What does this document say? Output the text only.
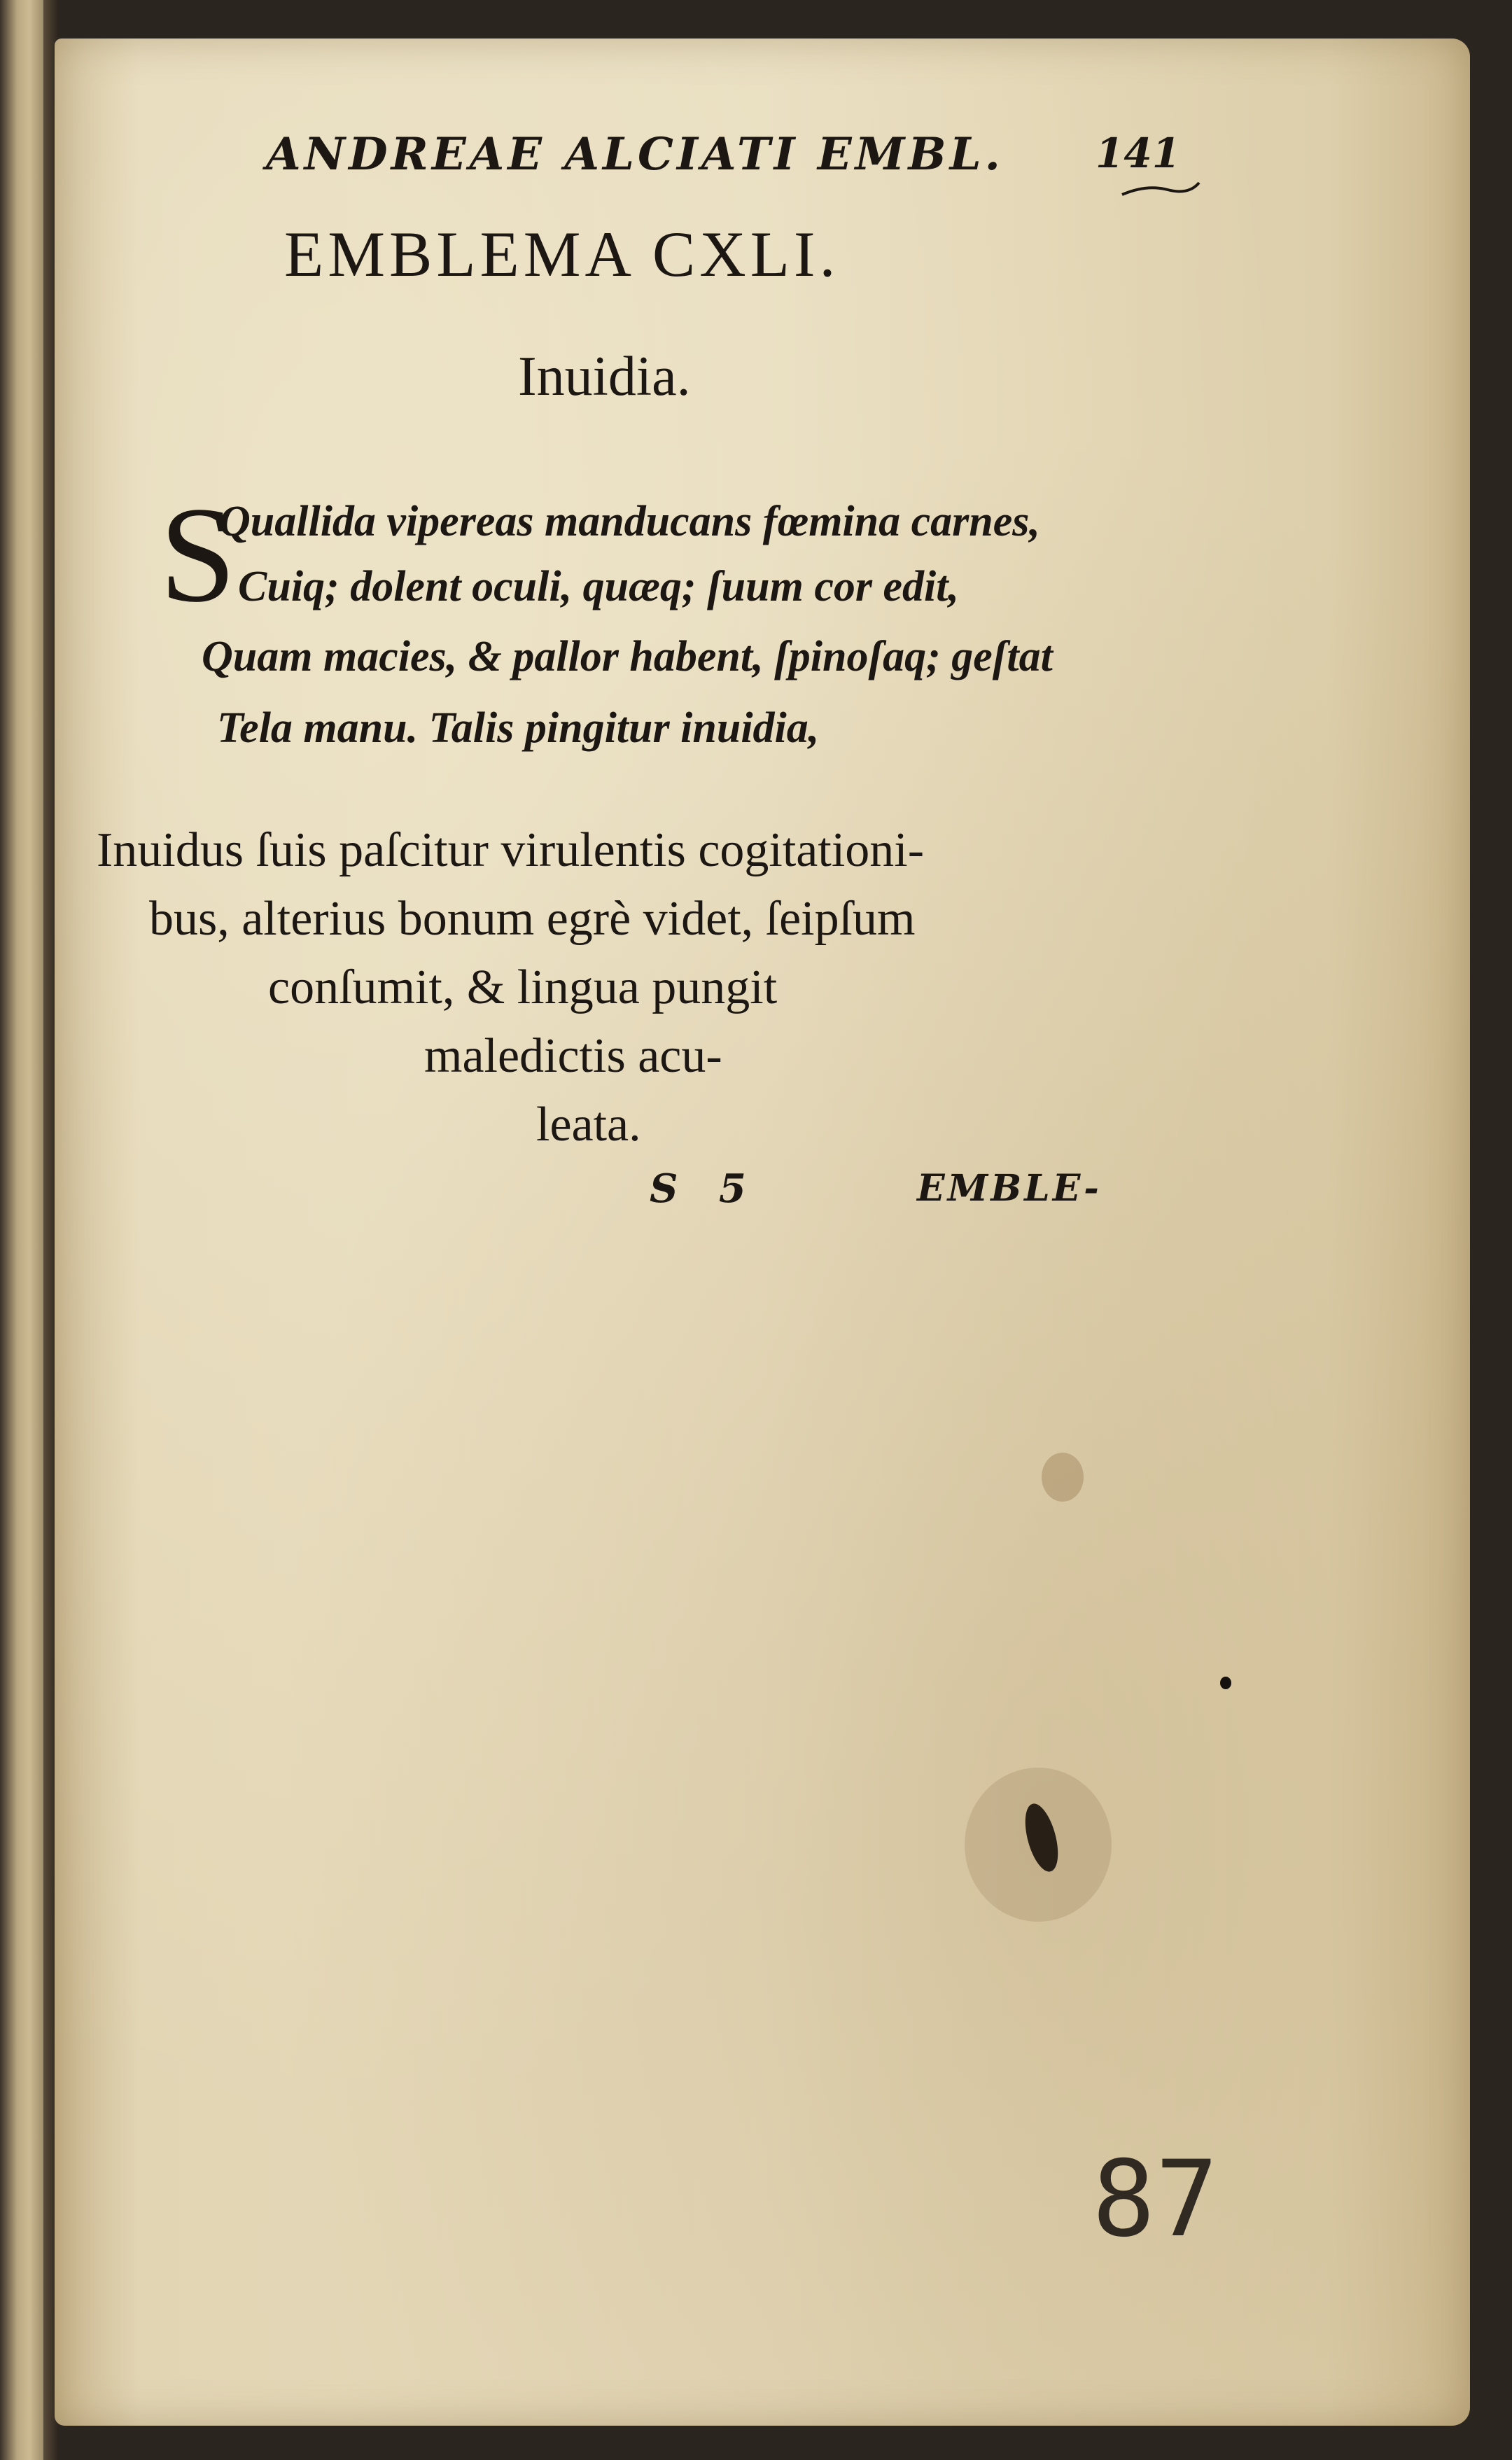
ANDREAE ALCIATI EMBL. 141
EMBLEMA CXLI.
Inuidia.
S
Quallida vipereas manducans fœmina carnes,
Cuiq; dolent oculi, quæq; ſuum cor edit,
Quam macies, & pallor habent, ſpinoſaq; geſtat
Tela manu. Talis pingitur inuidia,
Inuidus ſuis paſcitur virulentis cogitationi-
bus, alterius bonum egrè videt, ſeipſum
conſumit, & lingua pungit
maledictis acu-
leata.
S   5	EMBLE-
87
